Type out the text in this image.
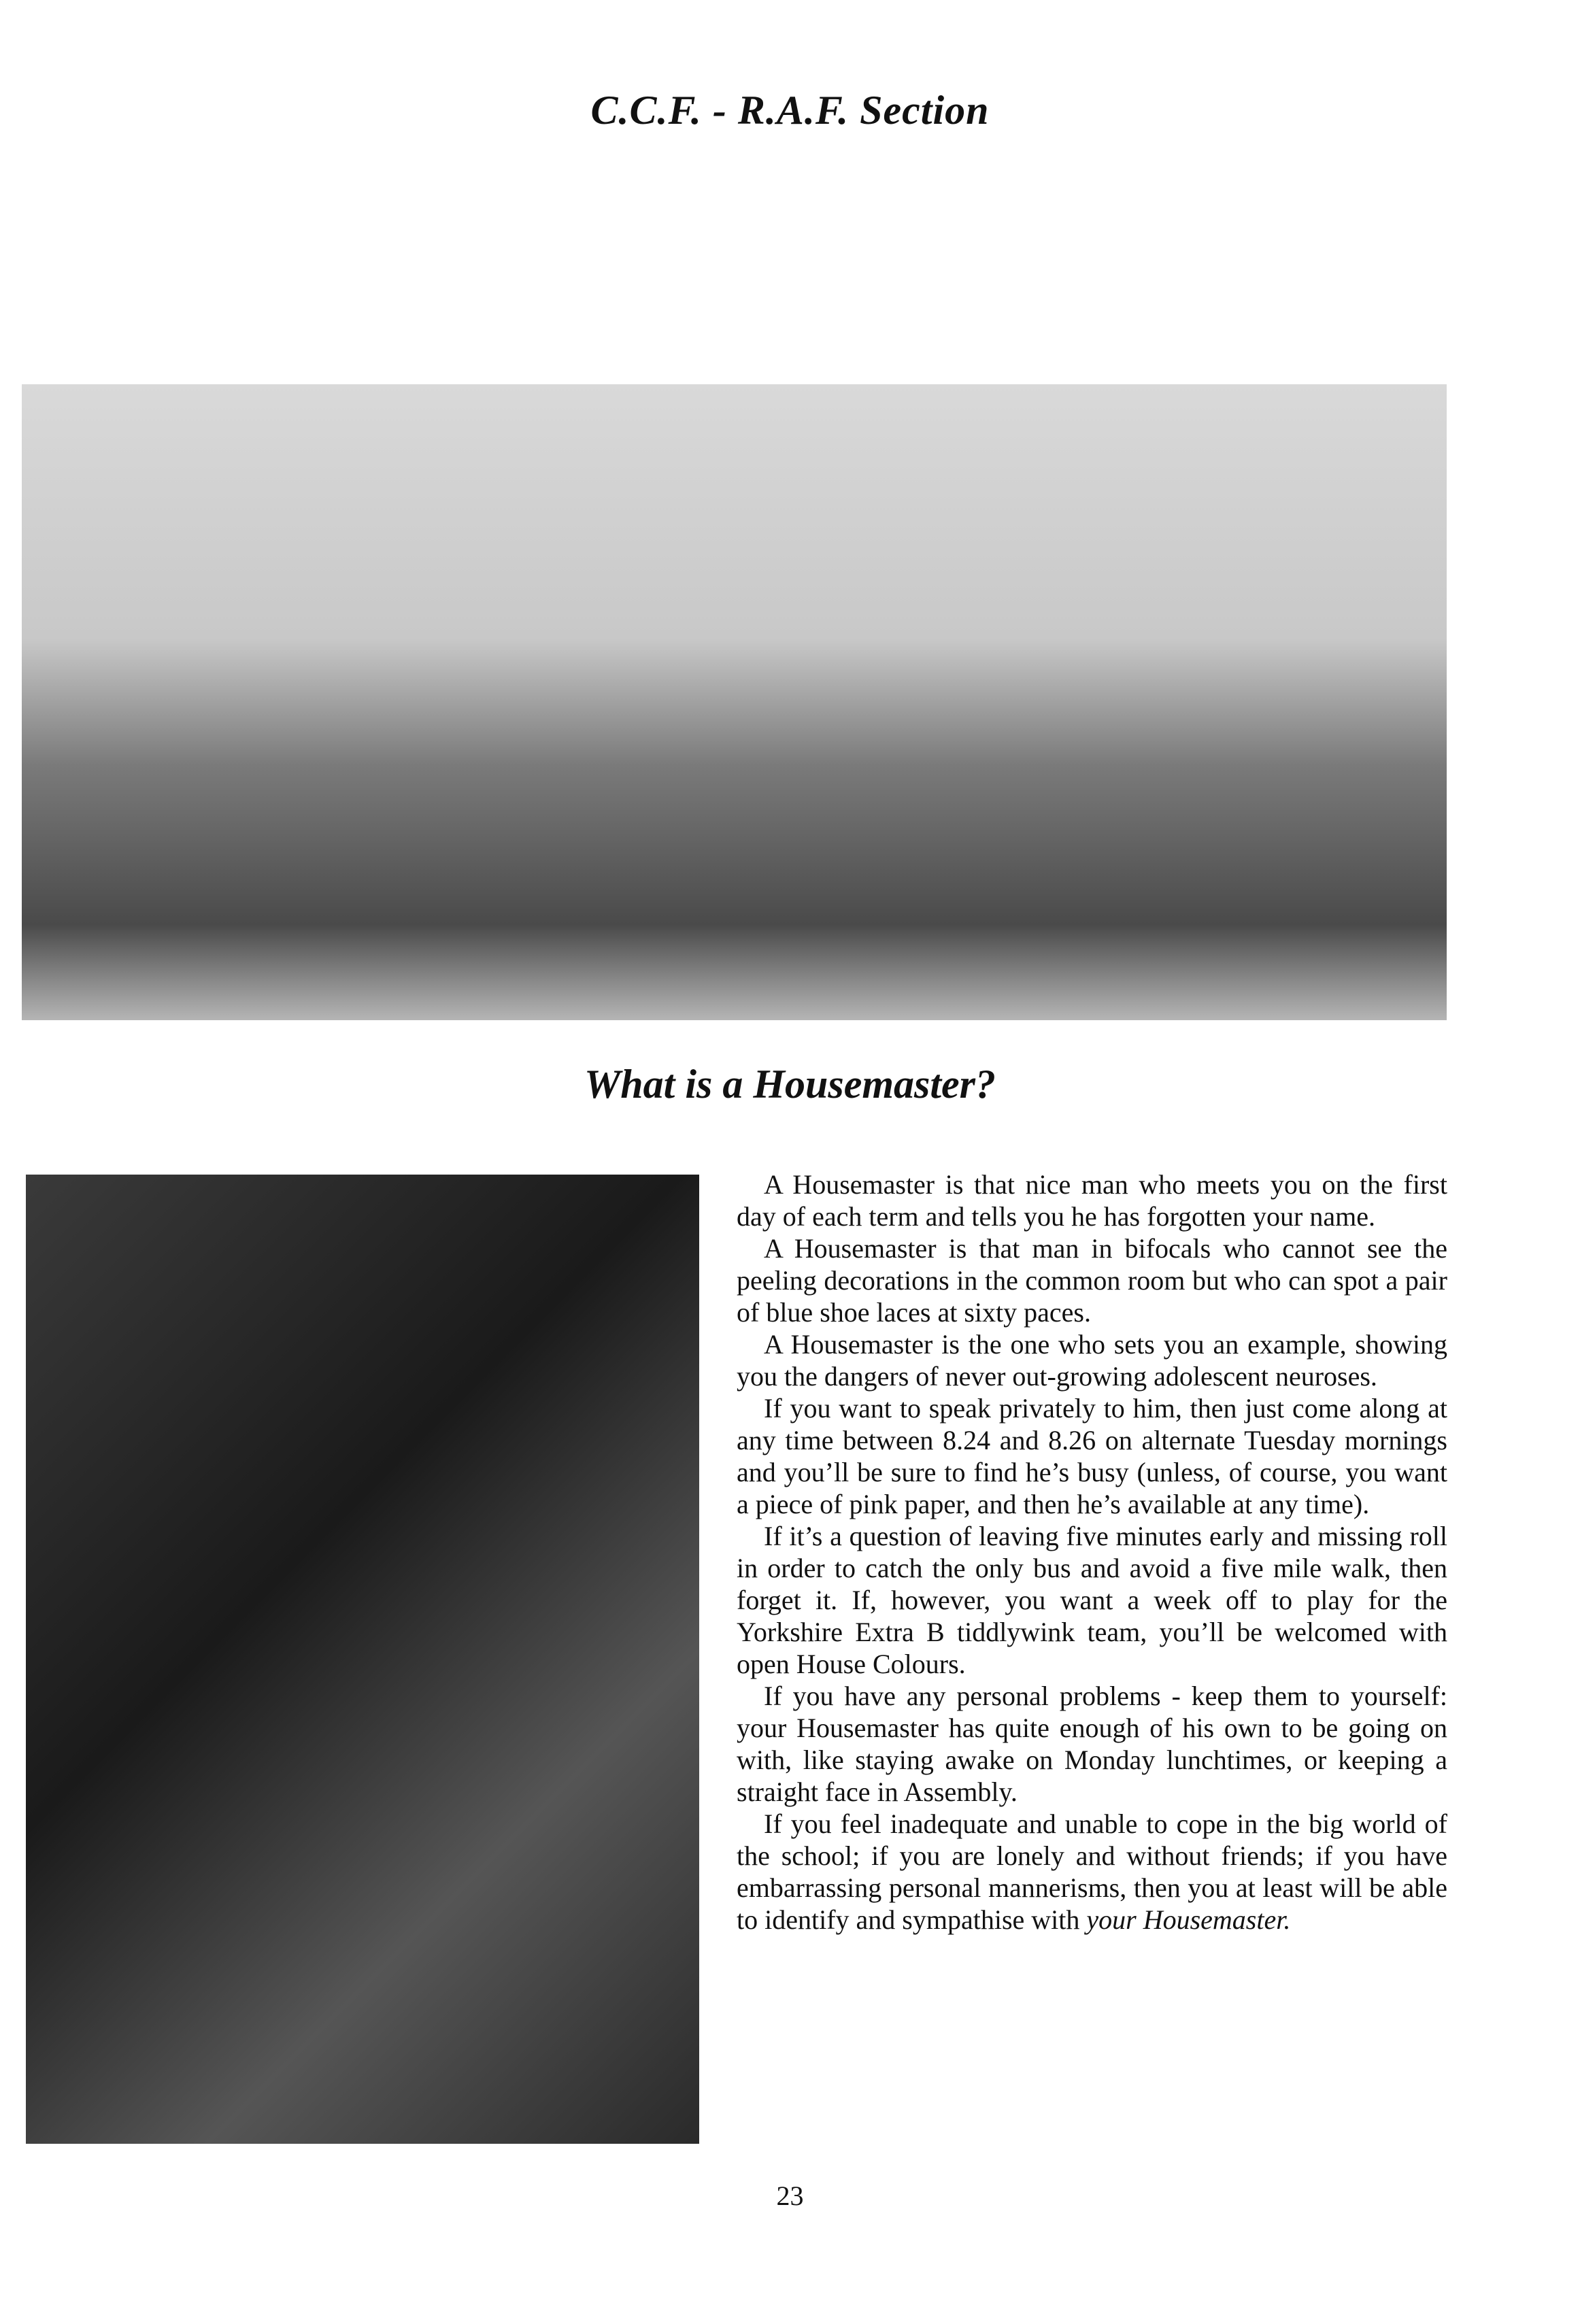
C.C.F. - R.A.F. Section
What is a Housemaster?

A Housemaster is that nice man who meets you on the first day of each term and tells you he has forgotten your name.

A Housemaster is that man in bifocals who cannot see the peeling decorations in the common room but who can spot a pair of blue shoe laces at sixty paces.

A Housemaster is the one who sets you an example, showing you the dangers of never out-growing adolescent neuroses.

If you want to speak privately to him, then just come along at any time between 8.24 and 8.26 on alternate Tuesday mornings and you’ll be sure to find he’s busy (unless, of course, you want a piece of pink paper, and then he’s available at any time).

If it’s a question of leaving five minutes early and missing roll in order to catch the only bus and avoid a five mile walk, then forget it. If, however, you want a week off to play for the Yorkshire Extra B tiddlywink team, you’ll be welcomed with open House Colours.

If you have any personal problems - keep them to yourself: your Housemaster has quite enough of his own to be going on with, like staying awake on Monday lunchtimes, or keeping a straight face in Assembly.

If you feel inadequate and unable to cope in the big world of the school; if you are lonely and without friends; if you have embarrassing personal mannerisms, then you at least will be able to identify and sympathise with your Housemaster.

23
